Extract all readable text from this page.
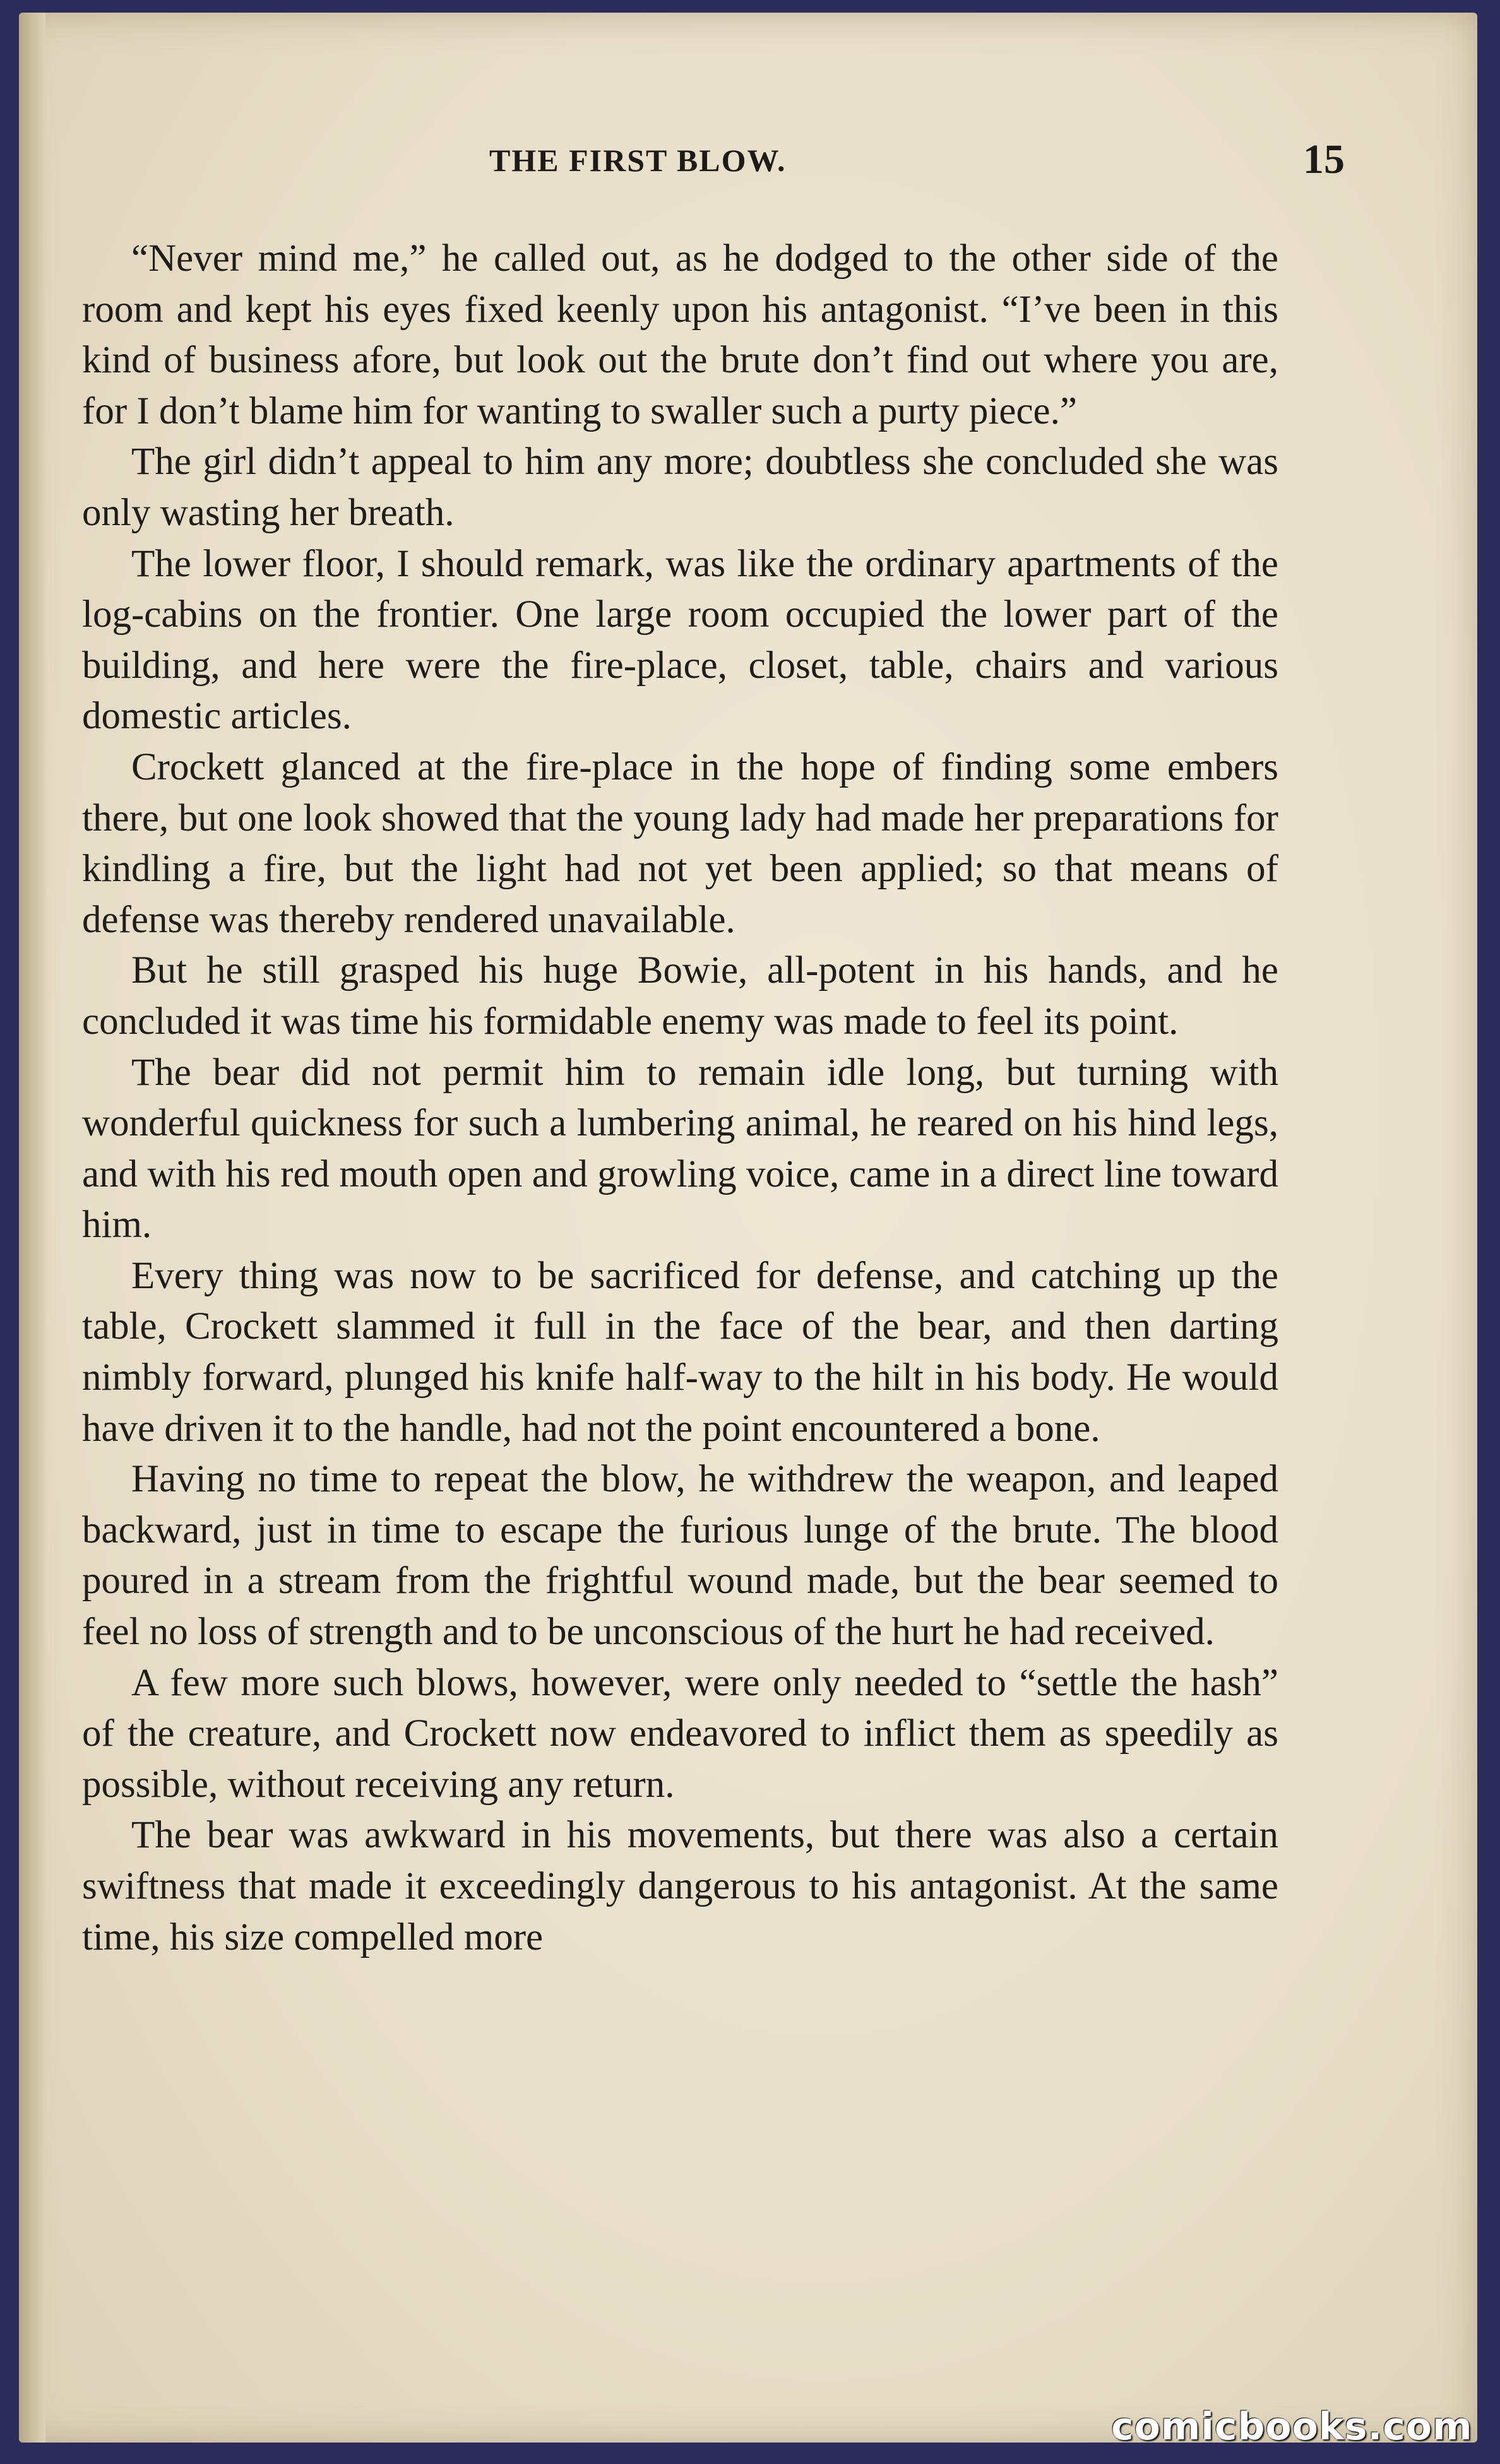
THE FIRST BLOW.	15

“Never mind me,” he called out, as he dodged to the other side of the room and kept his eyes fixed keenly upon his antagonist. “I’ve been in this kind of business afore, but look out the brute don’t find out where you are, for I don’t blame him for wanting to swaller such a purty piece.”

The girl didn’t appeal to him any more; doubtless she concluded she was only wasting her breath.

The lower floor, I should remark, was like the ordinary apartments of the log-cabins on the frontier. One large room occupied the lower part of the building, and here were the fire-place, closet, table, chairs and various domestic articles.

Crockett glanced at the fire-place in the hope of finding some embers there, but one look showed that the young lady had made her preparations for kindling a fire, but the light had not yet been applied; so that means of defense was thereby rendered unavailable.

But he still grasped his huge Bowie, all-potent in his hands, and he concluded it was time his formidable enemy was made to feel its point.

The bear did not permit him to remain idle long, but turning with wonderful quickness for such a lumbering animal, he reared on his hind legs, and with his red mouth open and growling voice, came in a direct line toward him.

Every thing was now to be sacrificed for defense, and catching up the table, Crockett slammed it full in the face of the bear, and then darting nimbly forward, plunged his knife half-way to the hilt in his body. He would have driven it to the handle, had not the point encountered a bone.

Having no time to repeat the blow, he withdrew the weapon, and leaped backward, just in time to escape the furious lunge of the brute. The blood poured in a stream from the frightful wound made, but the bear seemed to feel no loss of strength and to be unconscious of the hurt he had received.

A few more such blows, however, were only needed to “settle the hash” of the creature, and Crockett now endeavored to inflict them as speedily as possible, without receiving any return.

The bear was awkward in his movements, but there was also a certain swiftness that made it exceedingly dangerous to his antagonist. At the same time, his size compelled more

comicbooks.com
